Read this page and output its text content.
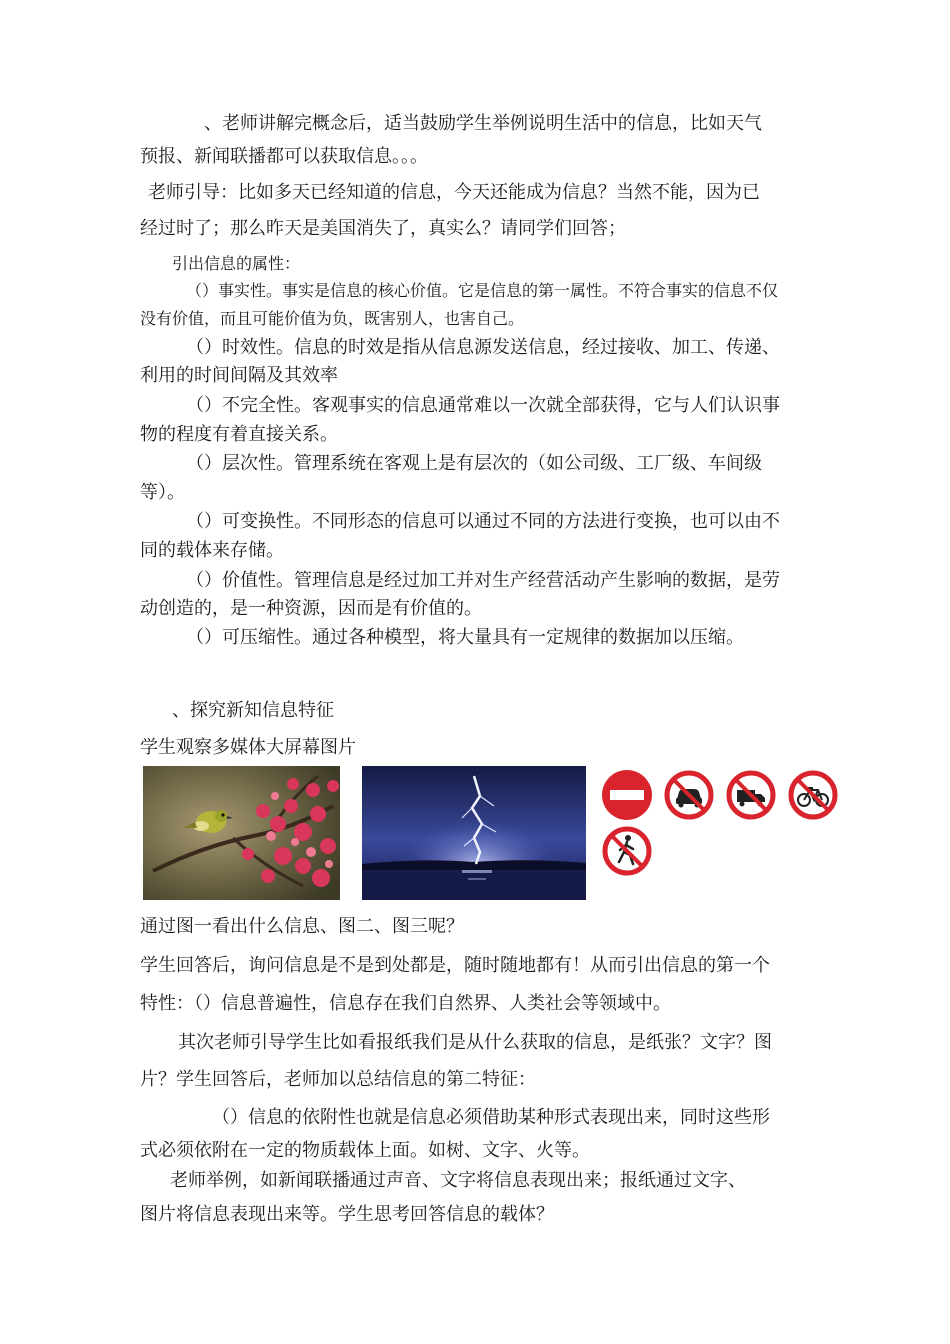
、老师讲解完概念后，适当鼓励学生举例说明生活中的信息，比如天气
预报、新闻联播都可以获取信息。。。
老师引导：比如多天已经知道的信息，今天还能成为信息？当然不能，因为已
经过时了；那么昨天是美国消失了，真实么？请同学们回答；
引出信息的属性：
（）事实性。事实是信息的核心价值。它是信息的第一属性。不符合事实的信息不仅
没有价值，而且可能价值为负，既害别人，也害自己。
（）时效性。信息的时效是指从信息源发送信息，经过接收、加工、传递、
利用的时间间隔及其效率
（）不完全性。客观事实的信息通常难以一次就全部获得，它与人们认识事
物的程度有着直接关系。
（）层次性。管理系统在客观上是有层次的（如公司级、工厂级、车间级
等）。
（）可变换性。不同形态的信息可以通过不同的方法进行变换，也可以由不
同的载体来存储。
（）价值性。管理信息是经过加工并对生产经营活动产生影响的数据，是劳
动创造的，是一种资源，因而是有价值的。
（）可压缩性。通过各种模型，将大量具有一定规律的数据加以压缩。
、探究新知信息特征
学生观察多媒体大屏幕图片
通过图一看出什么信息、图二、图三呢？
学生回答后，询问信息是不是到处都是，随时随地都有！从而引出信息的第一个
特性：（）信息普遍性，信息存在我们自然界、人类社会等领域中。
其次老师引导学生比如看报纸我们是从什么获取的信息，是纸张？文字？图
片？学生回答后，老师加以总结信息的第二特征：
（）信息的依附性也就是信息必须借助某种形式表现出来，同时这些形
式必须依附在一定的物质载体上面。如树、文字、火等。
老师举例，如新闻联播通过声音、文字将信息表现出来；报纸通过文字、
图片将信息表现出来等。学生思考回答信息的载体？
